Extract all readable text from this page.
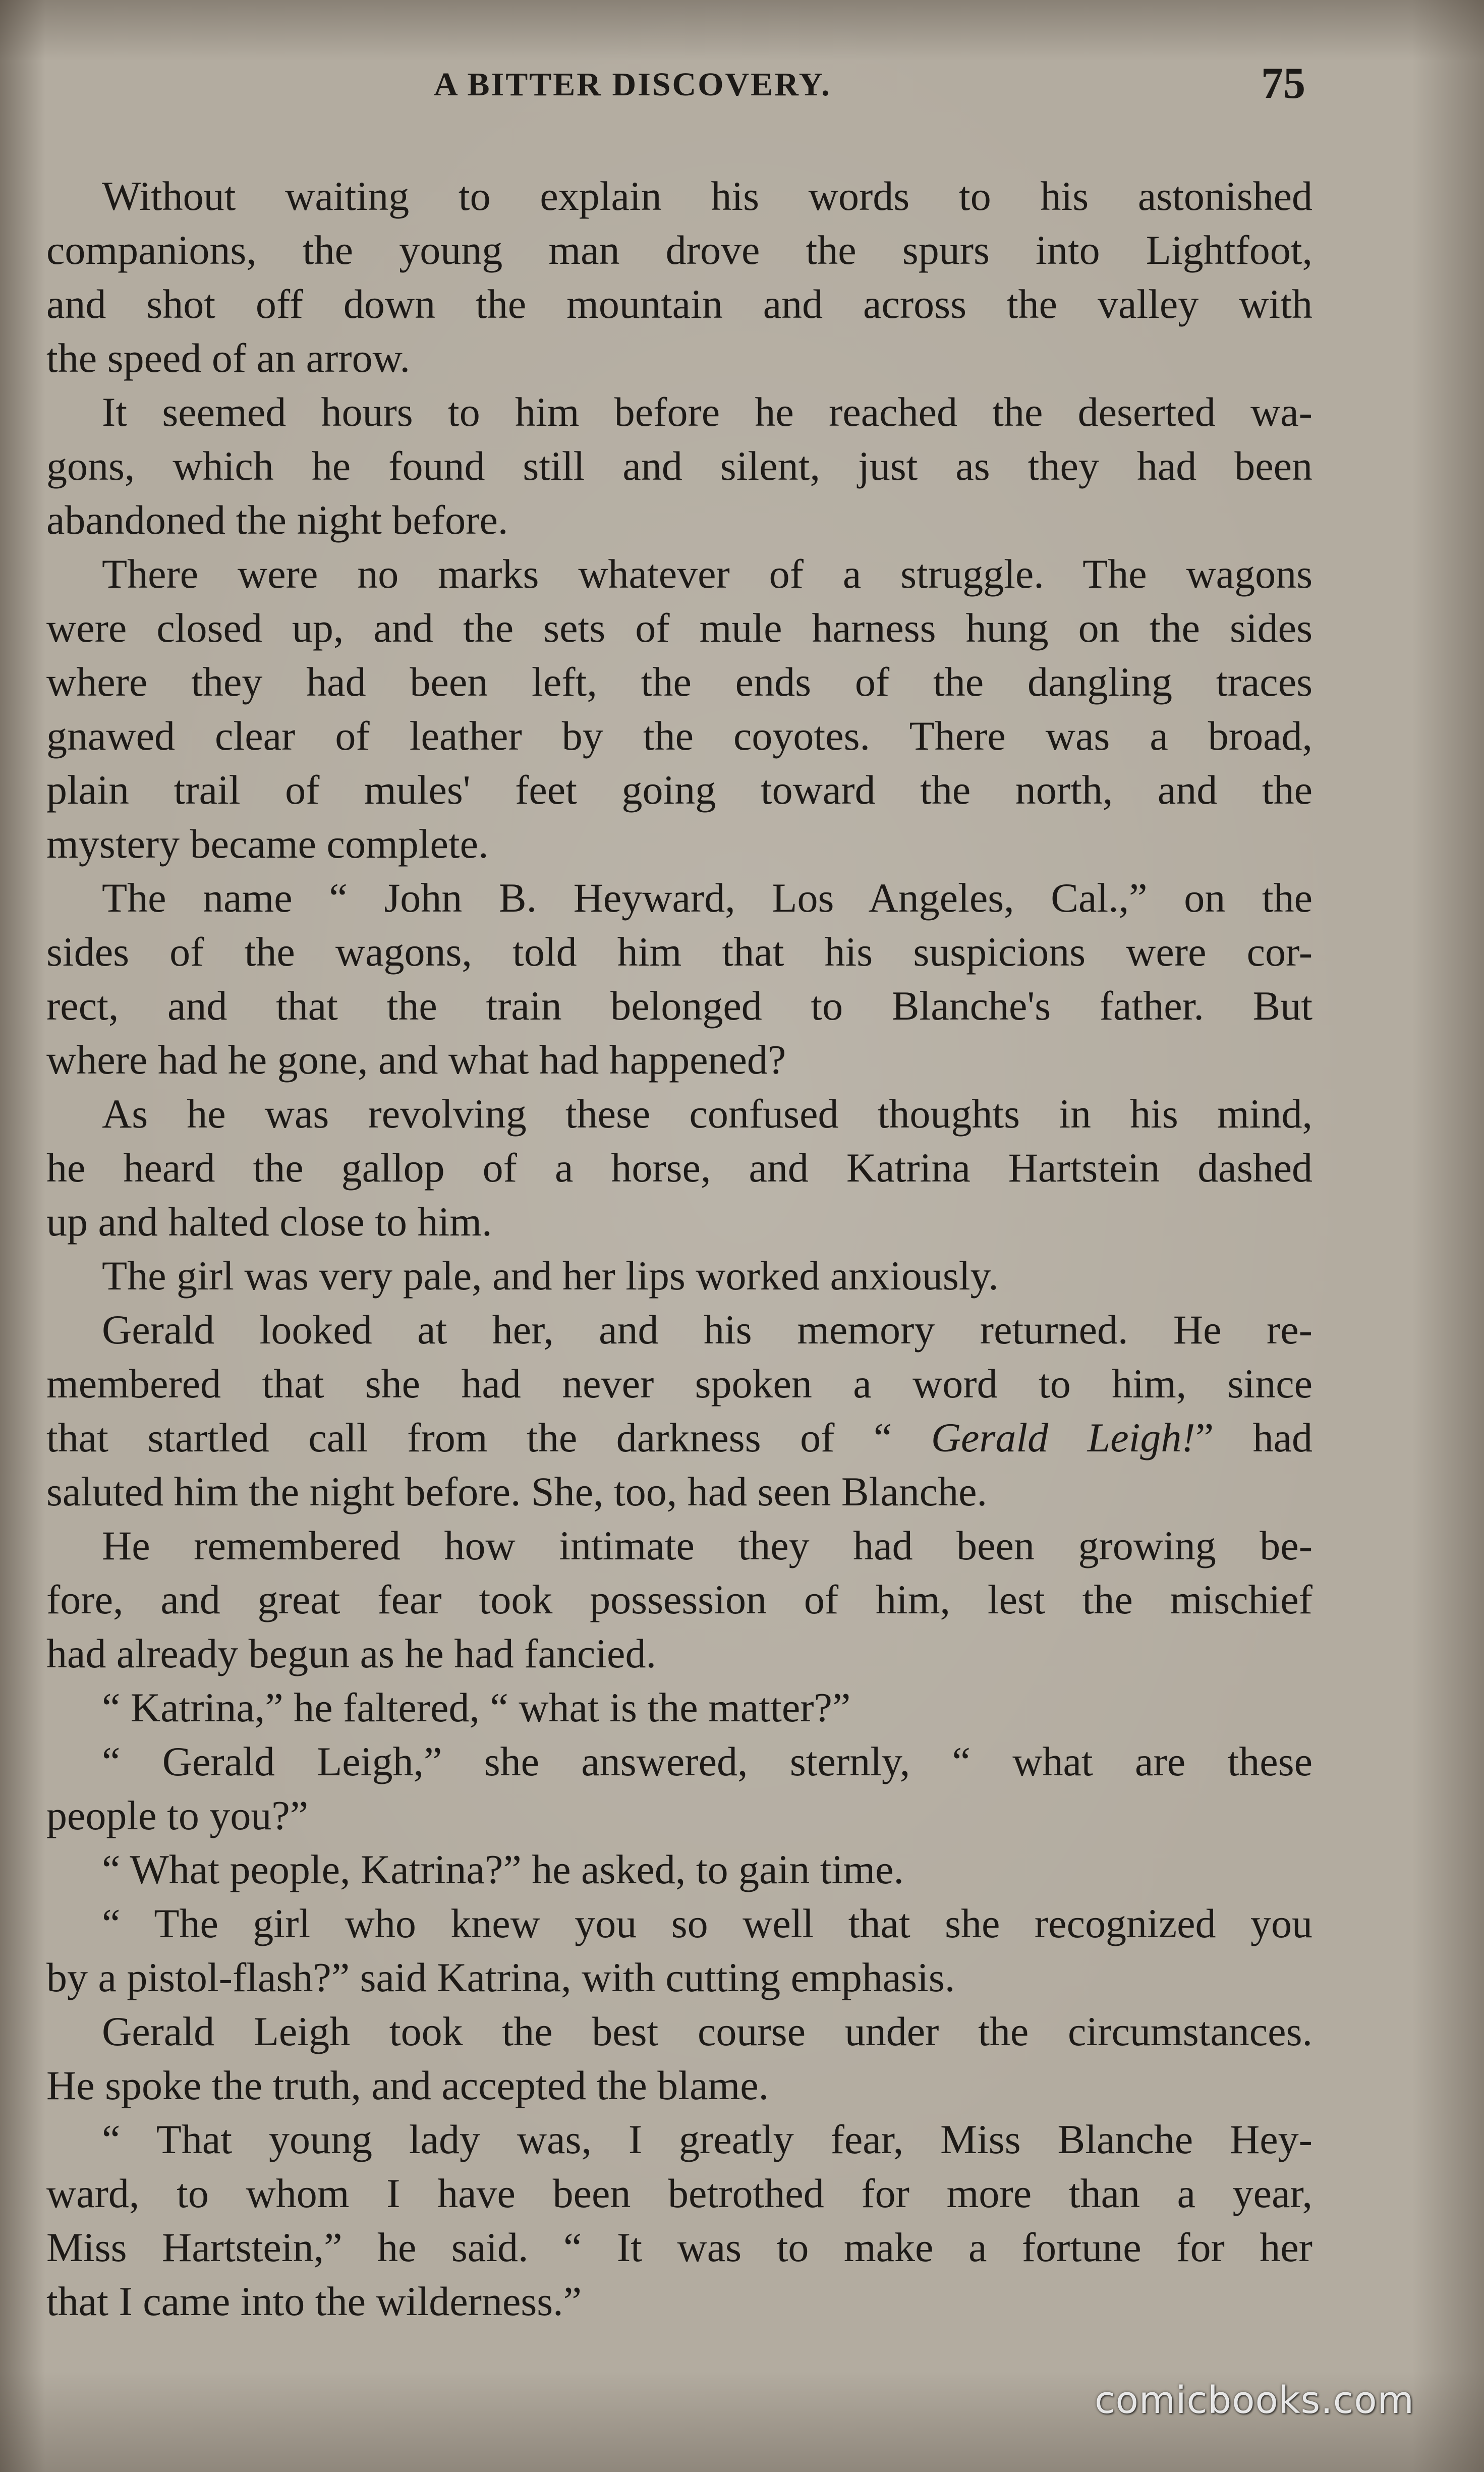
A BITTER DISCOVERY.	75
Without waiting to explain his words to his astonished
companions, the young man drove the spurs into Lightfoot,
and shot off down the mountain and across the valley with
the speed of an arrow.
It seemed hours to him before he reached the deserted wa-
gons, which he found still and silent, just as they had been
abandoned the night before.
There were no marks whatever of a struggle. The wagons
were closed up, and the sets of mule harness hung on the sides
where they had been left, the ends of the dangling traces
gnawed clear of leather by the coyotes. There was a broad,
plain trail of mules' feet going toward the north, and the
mystery became complete.
The name “ John B. Heyward, Los Angeles, Cal.,” on the
sides of the wagons, told him that his suspicions were cor-
rect, and that the train belonged to Blanche's father. But
where had he gone, and what had happened?
As he was revolving these confused thoughts in his mind,
he heard the gallop of a horse, and Katrina Hartstein dashed
up and halted close to him.
The girl was very pale, and her lips worked anxiously.
Gerald looked at her, and his memory returned. He re-
membered that she had never spoken a word to him, since
that startled call from the darkness of “ Gerald Leigh!” had
saluted him the night before. She, too, had seen Blanche.
He remembered how intimate they had been growing be-
fore, and great fear took possession of him, lest the mischief
had already begun as he had fancied.
“ Katrina,” he faltered, “ what is the matter?”
“ Gerald Leigh,” she answered, sternly, “ what are these
people to you?”
“ What people, Katrina?” he asked, to gain time.
“ The girl who knew you so well that she recognized you
by a pistol-flash?” said Katrina, with cutting emphasis.
Gerald Leigh took the best course under the circumstances.
He spoke the truth, and accepted the blame.
“ That young lady was, I greatly fear, Miss Blanche Hey-
ward, to whom I have been betrothed for more than a year,
Miss Hartstein,” he said. “ It was to make a fortune for her
that I came into the wilderness.”
comicbooks.com
